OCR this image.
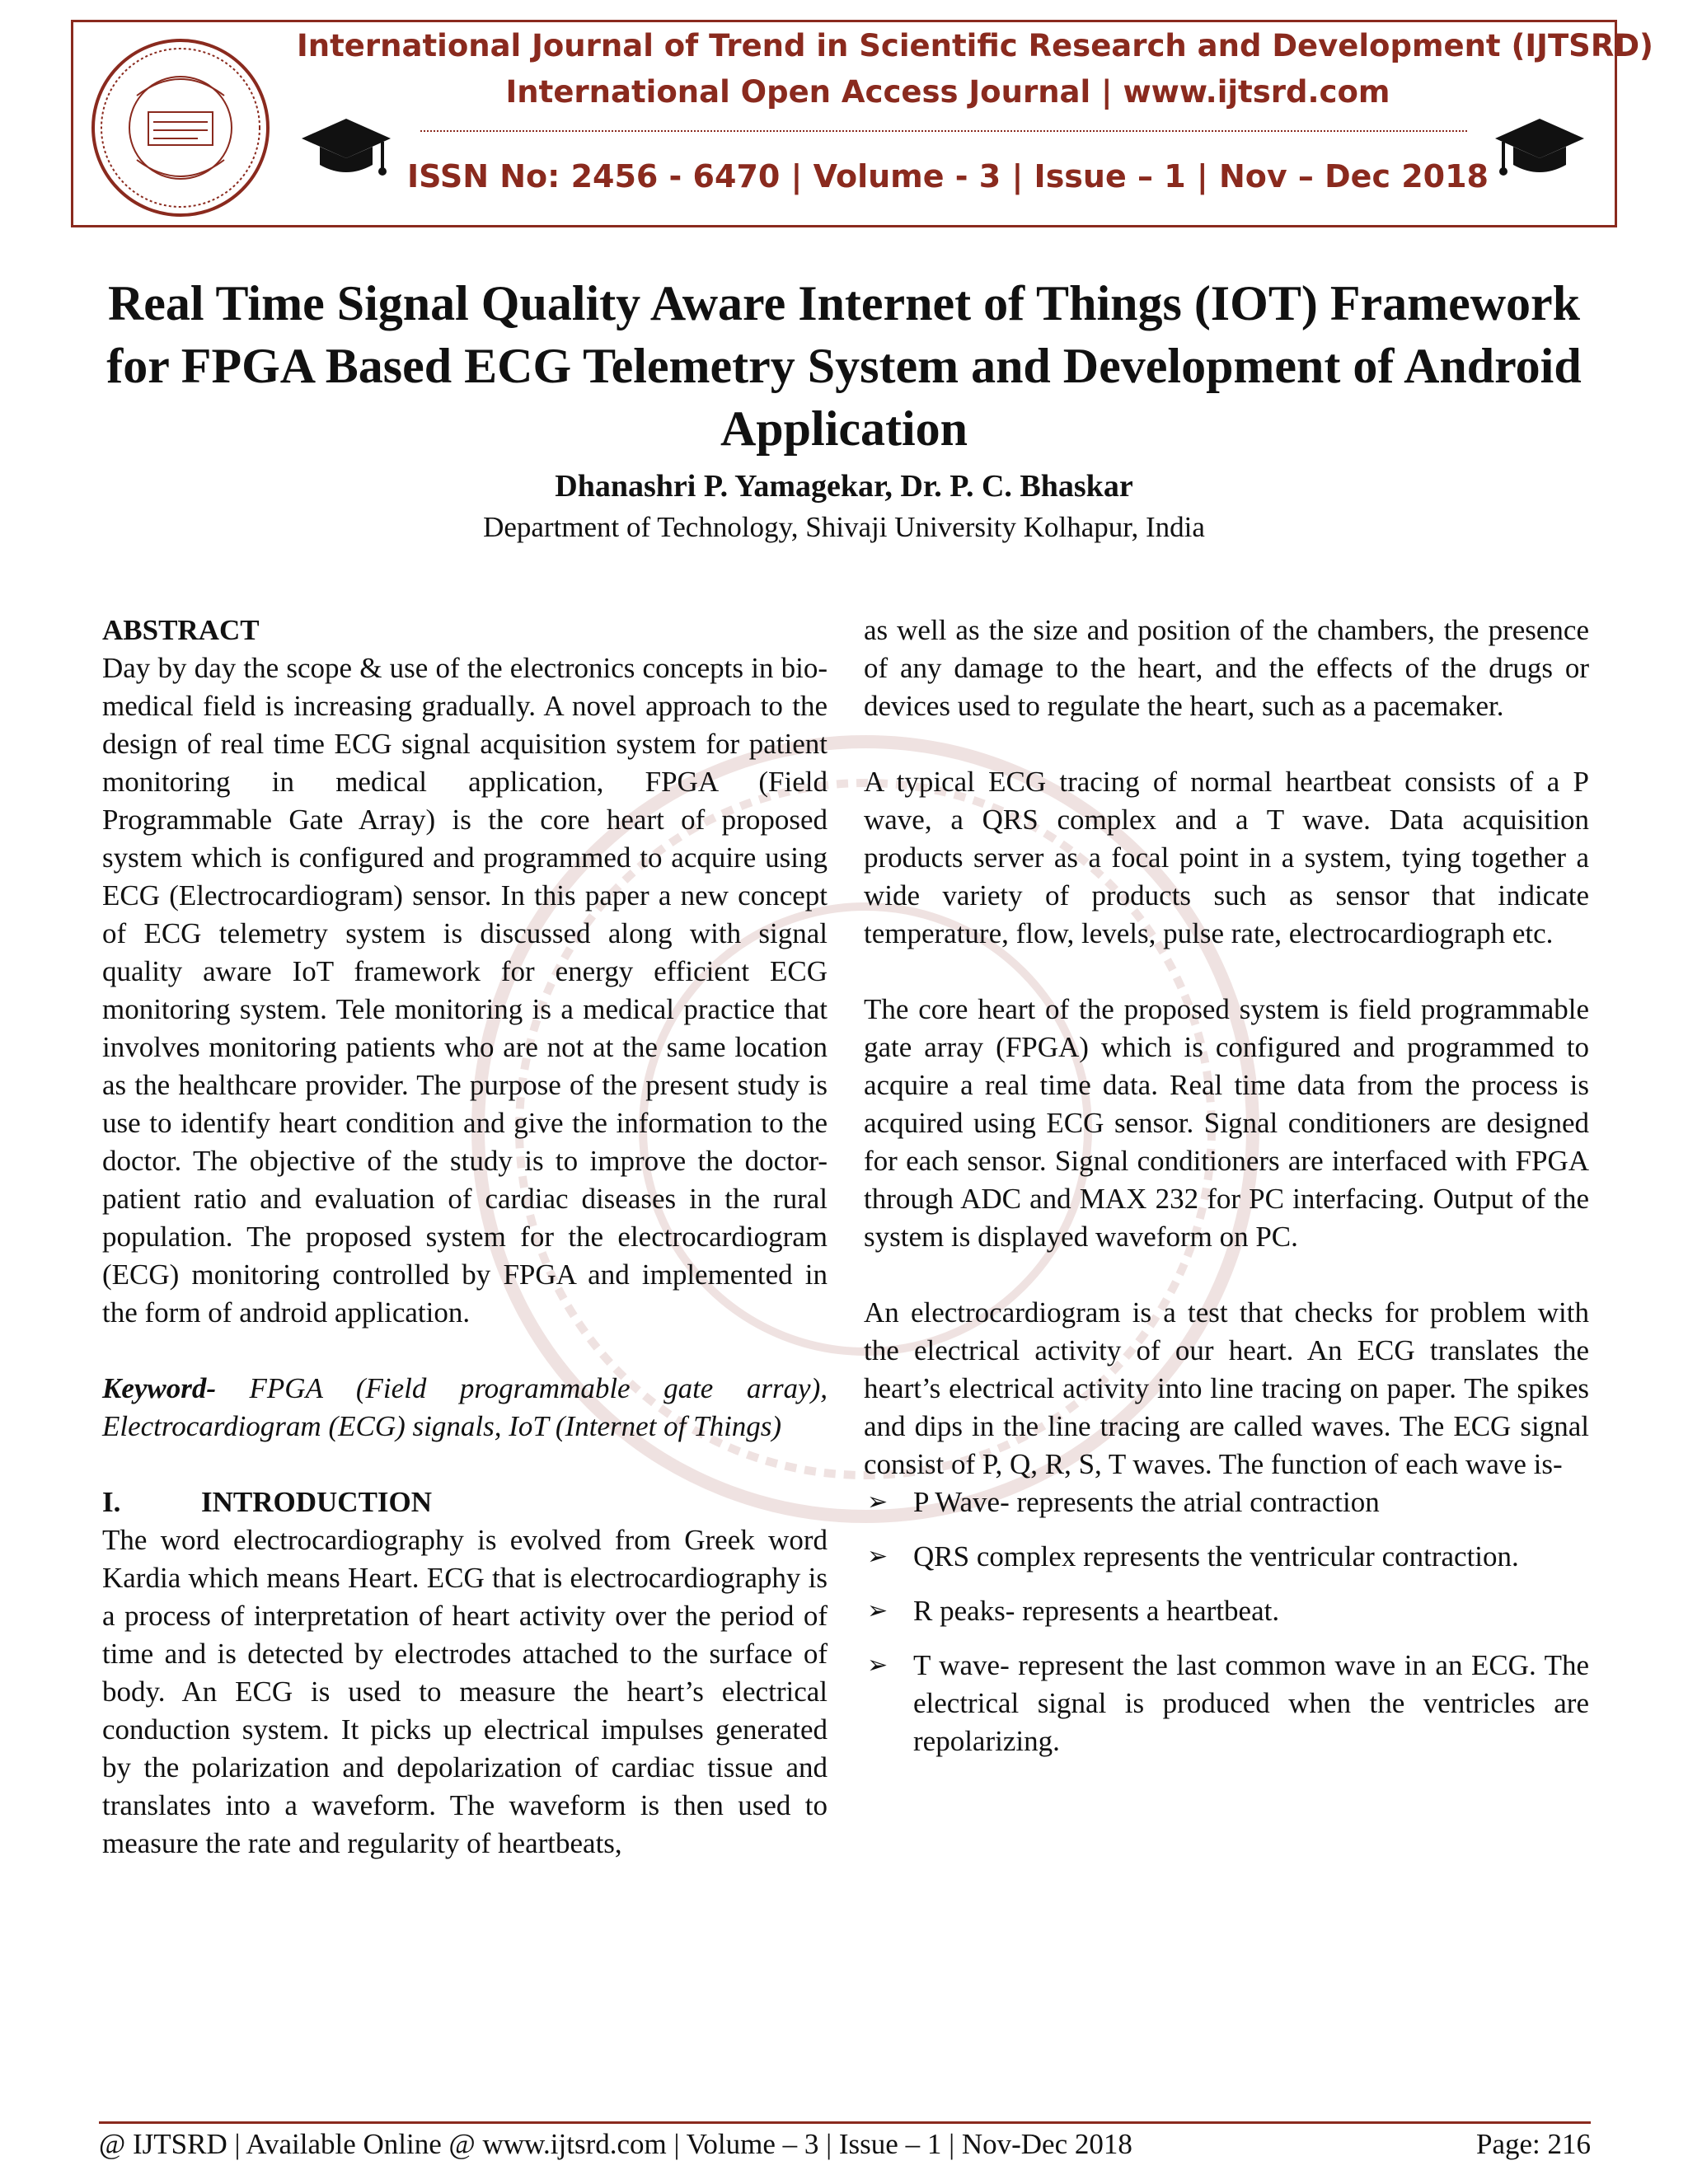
International Journal of Trend in Scientific Research and Development (IJTSRD)
International Open Access Journal | www.ijtsrd.com
ISSN No: 2456 - 6470 | Volume - 3 | Issue – 1 | Nov – Dec 2018
Real Time Signal Quality Aware Internet of Things (IOT) Framework for FPGA Based ECG Telemetry System and Development of Android Application
Dhanashri P. Yamagekar, Dr. P. C. Bhaskar
Department of Technology, Shivaji University Kolhapur, India
ABSTRACT

Day by day the scope & use of the electronics concepts in bio-medical field is increasing gradually. A novel approach to the design of real time ECG signal acquisition system for patient monitoring in medical application, FPGA (Field Programmable Gate Array) is the core heart of proposed system which is configured and programmed to acquire using ECG (Electrocardiogram) sensor. In this paper a new concept of ECG telemetry system is discussed along with signal quality aware IoT framework for energy efficient ECG monitoring system. Tele monitoring is a medical practice that involves monitoring patients who are not at the same location as the healthcare provider. The purpose of the present study is use to identify heart condition and give the information to the doctor. The objective of the study is to improve the doctor-patient ratio and evaluation of cardiac diseases in the rural population. The proposed system for the electrocardiogram (ECG) monitoring controlled by FPGA and implemented in the form of android application.

Keyword- FPGA (Field programmable gate array), Electrocardiogram (ECG) signals, IoT (Internet of Things)

I.	INTRODUCTION

The word electrocardiography is evolved from Greek word Kardia which means Heart. ECG that is electrocardiography is a process of interpretation of heart activity over the period of time and is detected by electrodes attached to the surface of body. An ECG is used to measure the heart’s electrical conduction system. It picks up electrical impulses generated by the polarization and depolarization of cardiac tissue and translates into a waveform. The waveform is then used to measure the rate and regularity of heartbeats,

as well as the size and position of the chambers, the presence of any damage to the heart, and the effects of the drugs or devices used to regulate the heart, such as a pacemaker.

A typical ECG tracing of normal heartbeat consists of a P wave, a QRS complex and a T wave. Data acquisition products server as a focal point in a system, tying together a wide variety of products such as sensor that indicate temperature, flow, levels, pulse rate, electrocardiograph etc.

The core heart of the proposed system is field programmable gate array (FPGA) which is configured and programmed to acquire a real time data. Real time data from the process is acquired using ECG sensor. Signal conditioners are designed for each sensor. Signal conditioners are interfaced with FPGA through ADC and MAX 232 for PC interfacing. Output of the system is displayed waveform on PC.

An electrocardiogram is a test that checks for problem with the electrical activity of our heart. An ECG translates the heart’s electrical activity into line tracing on paper. The spikes and dips in the line tracing are called waves. The ECG signal consist of P, Q, R, S, T waves. The function of each wave is-

➢ P Wave- represents the atrial contraction
➢ QRS complex represents the ventricular contraction.
➢ R peaks- represents a heartbeat.
➢ T wave- represent the last common wave in an ECG. The electrical signal is produced when the ventricles are repolarizing.
@ IJTSRD | Available Online @ www.ijtsrd.com | Volume – 3 | Issue – 1 | Nov-Dec 2018	Page: 216
